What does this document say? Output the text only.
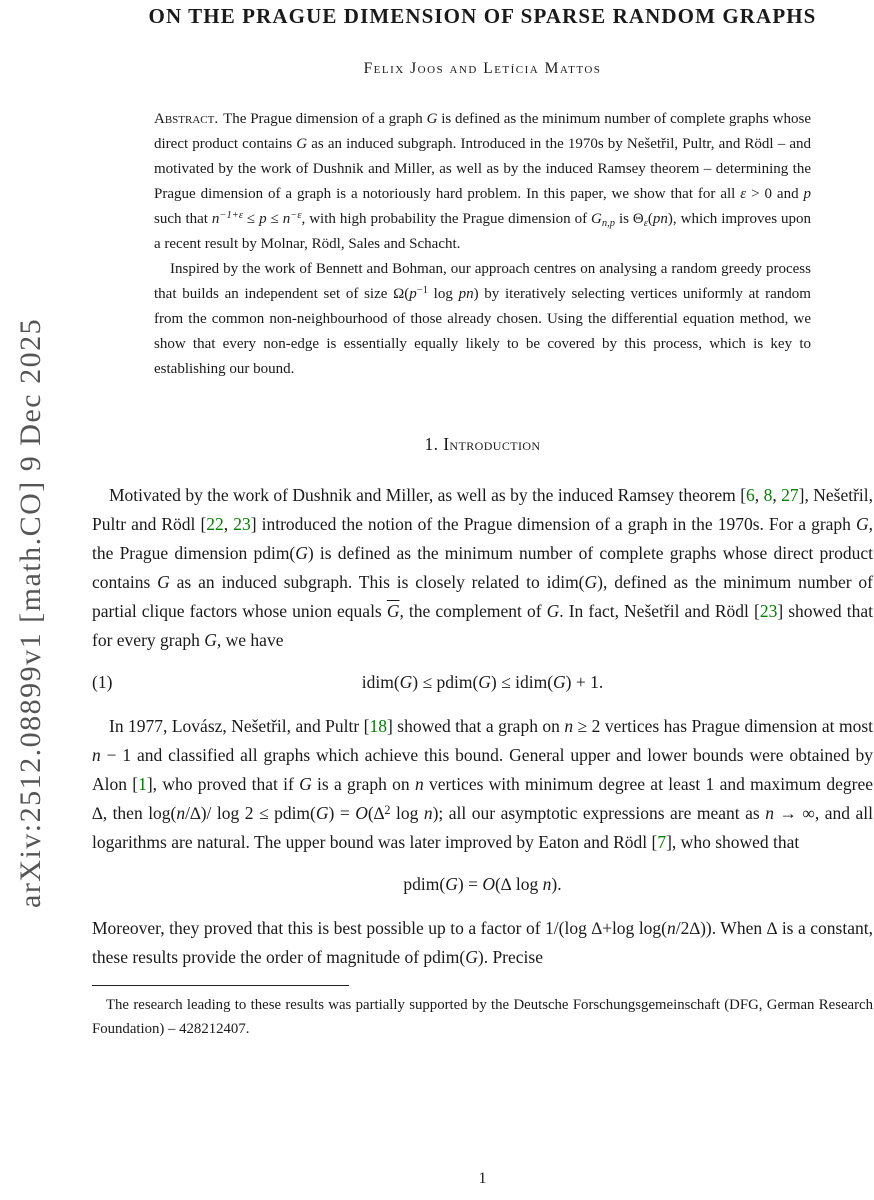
arXiv:2512.08899v1 [math.CO] 9 Dec 2025
ON THE PRAGUE DIMENSION OF SPARSE RANDOM GRAPHS
Felix Joos and Letícia Mattos

Abstract. The Prague dimension of a graph G is defined as the minimum number of complete graphs whose direct product contains G as an induced subgraph. Introduced in the 1970s by Nešetřil, Pultr, and Rödl – and motivated by the work of Dushnik and Miller, as well as by the induced Ramsey theorem – determining the Prague dimension of a graph is a notoriously hard problem. In this paper, we show that for all ε > 0 and p such that $n^{-1+\varepsilon} \le p \le n^{-\varepsilon}$, with high probability the Prague dimension of Gn,p is Θε(pn), which improves upon a recent result by Molnar, Rödl, Sales and Schacht.

Inspired by the work of Bennett and Bohman, our approach centres on analysing a random greedy process that builds an independent set of size $\Omega(p^{-1}$ log pn) by iteratively selecting vertices uniformly at random from the common non-neighbourhood of those already chosen. Using the differential equation method, we show that every non-edge is essentially equally likely to be covered by this process, which is key to establishing our bound.

1. Introduction

Motivated by the work of Dushnik and Miller, as well as by the induced Ramsey theorem [6, 8, 27], Nešetřil, Pultr and Rödl [22, 23] introduced the notion of the Prague dimension of a graph in the 1970s. For a graph G, the Prague dimension pdim(G) is defined as the minimum number of complete graphs whose direct product contains G as an induced subgraph. This is closely related to idim(G), defined as the minimum number of partial clique factors whose union equals $\overline{G}$, the complement of G. In fact, Nešetřil and Rödl [23] showed that for every graph G, we have

(1)	idim(G) ≤ pdim(G) ≤ idim(G) + 1.

In 1977, Lovász, Nešetřil, and Pultr [18] showed that a graph on n ≥ 2 vertices has Prague dimension at most n − 1 and classified all graphs which achieve this bound. General upper and lower bounds were obtained by Alon [1], who proved that if G is a graph on n vertices with minimum degree at least 1 and maximum degree ∆, then log(n/∆)/ log 2 ≤ pdim(G) = O(∆$^2$ log n); all our asymptotic expressions are meant as n → ∞, and all logarithms are natural. The upper bound was later improved by Eaton and Rödl [7], who showed that

pdim(G) = O(∆ log n).

Moreover, they proved that this is best possible up to a factor of 1/(log ∆+log log(n/2∆)). When ∆ is a constant, these results provide the order of magnitude of pdim(G). Precise

The research leading to these results was partially supported by the Deutsche Forschungsgemeinschaft (DFG, German Research Foundation) – 428212407.

1
